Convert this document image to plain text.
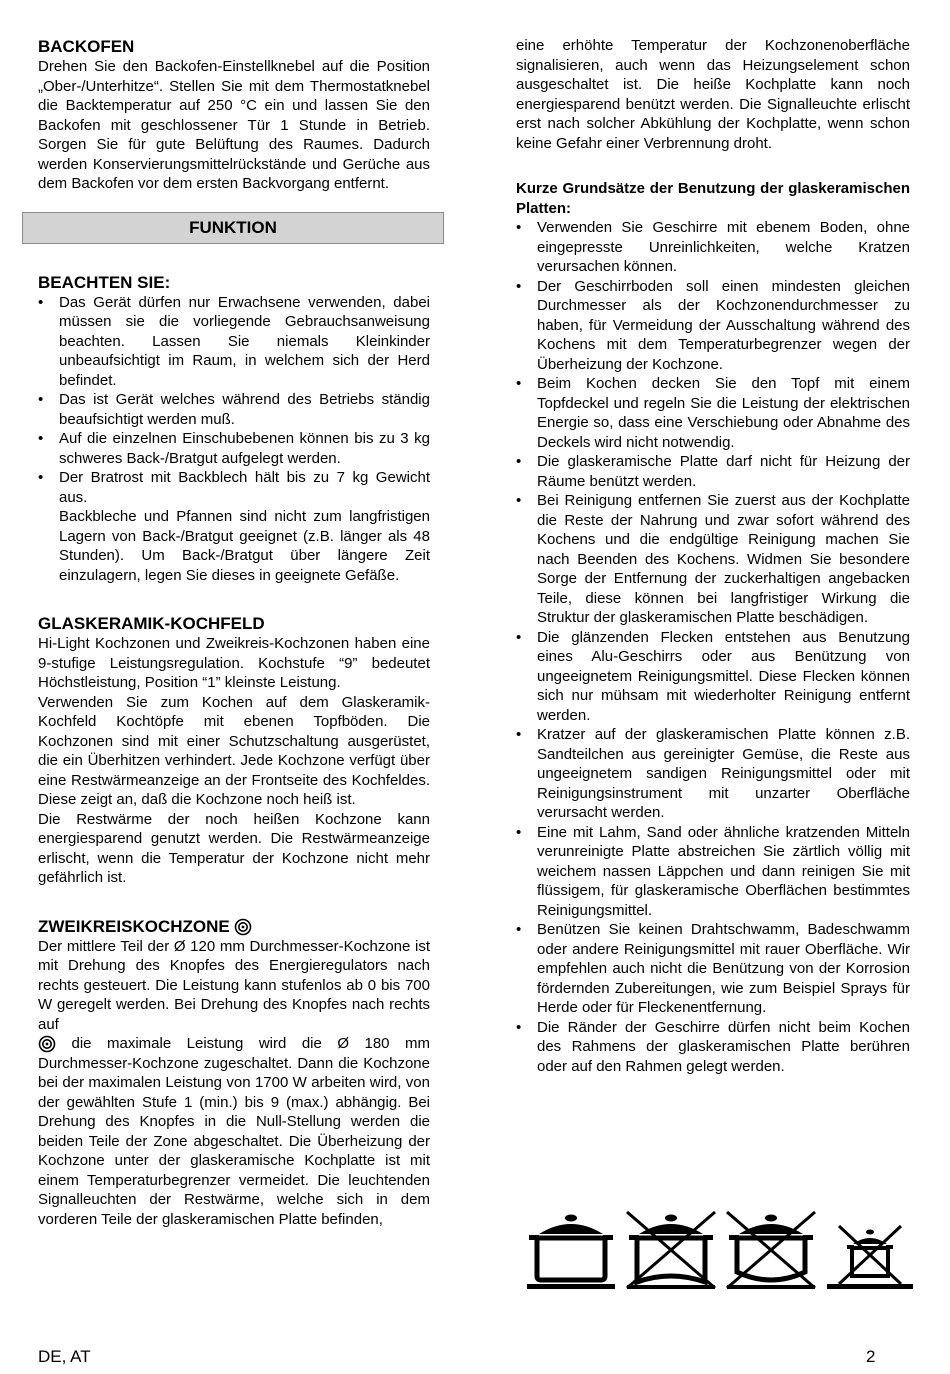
BACKOFEN

Drehen Sie den Backofen-Einstellknebel auf die Position „Ober-/Unterhitze“. Stellen Sie mit dem Thermostatknebel die Backtemperatur auf 250 °C ein und lassen Sie den Backofen mit geschlossener Tür 1 Stunde in Betrieb. Sorgen Sie für gute Belüftung des Raumes. Dadurch werden Konservierungsmittelrückstände und Gerüche aus dem Backofen vor dem ersten Backvorgang entfernt.

FUNKTION
BEACHTEN SIE:
• Das Gerät dürfen nur Erwachsene verwenden, dabei müssen sie die vorliegende Gebrauchsanweisung beachten. Lassen Sie niemals Kleinkinder unbeaufsichtigt im Raum, in welchem sich der Herd befindet.
• Das ist Gerät welches während des Betriebs ständig beaufsichtigt werden muß.
• Auf die einzelnen Einschubebenen können bis zu 3 kg schweres Back-/Bratgut aufgelegt werden.
• Der Bratrost mit Backblech hält bis zu 7 kg Gewicht aus.
Backbleche und Pfannen sind nicht zum langfristigen Lagern von Back-/Bratgut geeignet (z.B. länger als 48 Stunden). Um Back-/Bratgut über längere Zeit einzulagern, legen Sie dieses in geeignete Gefäße.
GLASKERAMIK-KOCHFELD

Hi-Light Kochzonen und Zweikreis-Kochzonen haben eine 9-stufige Leistungsregulation. Kochstufe “9” bedeutet Höchstleistung, Position “1” kleinste Leistung.

Verwenden Sie zum Kochen auf dem Glaskeramik-Kochfeld Kochtöpfe mit ebenen Topfböden. Die Kochzonen sind mit einer Schutzschaltung ausgerüstet, die ein Überhitzen verhindert. Jede Kochzone verfügt über eine Restwärmeanzeige an der Frontseite des Kochfeldes. Diese zeigt an, daß die Kochzone noch heiß ist.

Die Restwärme der noch heißen Kochzone kann energiesparend genutzt werden. Die Restwärmeanzeige erlischt, wenn die Temperatur der Kochzone nicht mehr gefährlich ist.

ZWEIKREISKOCHZONE

Der mittlere Teil der Ø 120 mm Durchmesser-Kochzone ist mit Drehung des Knopfes des Energieregulators nach rechts gesteuert. Die Leistung kann stufenlos ab 0 bis 700 W geregelt werden. Bei Drehung des Knopfes nach rechts auf
die maximale Leistung wird die Ø 180 mm Durchmesser-Kochzone zugeschaltet. Dann die Kochzone bei der maximalen Leistung von 1700 W arbeiten wird, von der gewählten Stufe 1 (min.) bis 9 (max.) abhängig. Bei Drehung des Knopfes in die Null-Stellung werden die beiden Teile der Zone abgeschaltet. Die Überheizung der Kochzone unter der glaskeramische Kochplatte ist mit einem Temperaturbegrenzer vermeidet. Die leuchtenden Signalleuchten der Restwärme, welche sich in dem vorderen Teile der glaskeramischen Platte befinden,

eine erhöhte Temperatur der Kochzonenoberfläche signalisieren, auch wenn das Heizungselement schon ausgeschaltet ist. Die heiße Kochplatte kann noch energiesparend benützt werden. Die Signalleuchte erlischt erst nach solcher Abkühlung der Kochplatte, wenn schon keine Gefahr einer Verbrennung droht.

Kurze Grundsätze der Benutzung der glaskeramischen Platten:
• Verwenden Sie Geschirre mit ebenem Boden, ohne eingepresste Unreinlichkeiten, welche Kratzen verursachen können.
• Der Geschirrboden soll einen mindesten gleichen Durchmesser als der Kochzonendurchmesser zu haben, für Vermeidung der Ausschaltung während des Kochens mit dem Temperaturbegrenzer wegen der Überheizung der Kochzone.
• Beim Kochen decken Sie den Topf mit einem Topfdeckel und regeln Sie die Leistung der elektrischen Energie so, dass eine Verschiebung oder Abnahme des Deckels wird nicht notwendig.
• Die glaskeramische Platte darf nicht für Heizung der Räume benützt werden.
• Bei Reinigung entfernen Sie zuerst aus der Kochplatte die Reste der Nahrung und zwar sofort während des Kochens und die endgültige Reinigung machen Sie nach Beenden des Kochens. Widmen Sie besondere Sorge der Entfernung der zuckerhaltigen angebacken Teile, diese können bei langfristiger Wirkung die Struktur der glaskeramischen Platte beschädigen.
• Die glänzenden Flecken entstehen aus Benutzung eines Alu-Geschirrs oder aus Benützung von ungeeignetem Reinigungsmittel. Diese Flecken können sich nur mühsam mit wiederholter Reinigung entfernt werden.
• Kratzer auf der glaskeramischen Platte können z.B. Sandteilchen aus gereinigter Gemüse, die Reste aus ungeeignetem sandigen Reinigungsmittel oder mit Reinigungsinstrument mit unzarter Oberfläche verursacht werden.
• Eine mit Lahm, Sand oder ähnliche kratzenden Mitteln verunreinigte Platte abstreichen Sie zärtlich völlig mit weichem nassen Läppchen und dann reinigen Sie mit flüssigem, für glaskeramische Oberflächen bestimmtes Reinigungsmittel.
• Benützen Sie keinen Drahtschwamm, Badeschwamm oder andere Reinigungsmittel mit rauer Oberfläche. Wir empfehlen auch nicht die Benützung von der Korrosion fördernden Zubereitungen, wie zum Beispiel Sprays für Herde oder für Fleckenentfernung.
• Die Ränder der Geschirre dürfen nicht beim Kochen des Rahmens der glaskeramischen Platte berühren oder auf den Rahmen gelegt werden.
DE, AT	2
